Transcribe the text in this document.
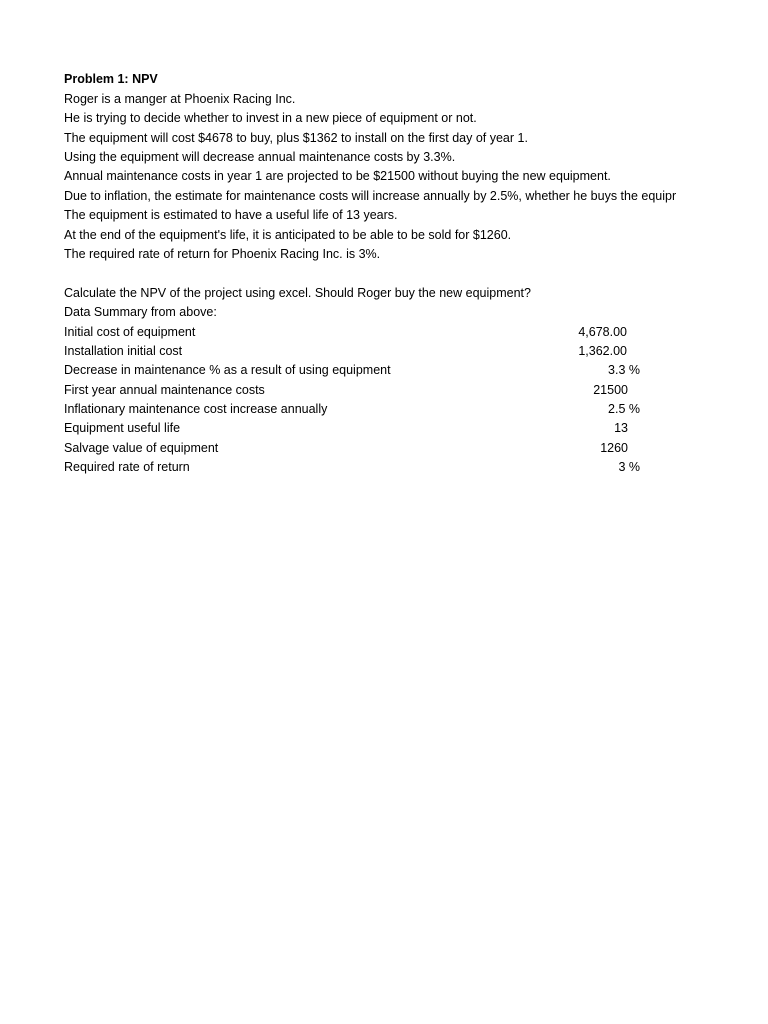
Problem 1: NPV
Roger is a manger at Phoenix Racing Inc.
He is trying to decide whether to invest in a new piece of equipment or not.
The equipment will cost $4678 to buy, plus $1362 to install on the first day of year 1.
Using the equipment will decrease annual maintenance costs by 3.3%.
Annual maintenance costs in year 1 are projected to be $21500 without buying the new equipment.
Due to inflation, the estimate for maintenance costs will increase annually by 2.5%, whether he buys the equipr
The equipment is estimated to have a useful life of 13 years.
At the end of the equipment's life, it is anticipated to be able to be sold for $1260.
The required rate of return for Phoenix Racing Inc. is 3%.
Calculate the NPV of the project using excel. Should Roger buy the new equipment?
Data Summary from above:
Initial cost of equipment	4,678.00
Installation initial cost	1,362.00
Decrease in maintenance % as a result of using equipment	3.3 %
First year annual maintenance costs	21500
Inflationary maintenance cost increase annually	2.5 %
Equipment useful life	13
Salvage value of equipment	1260
Required rate of return	3 %
